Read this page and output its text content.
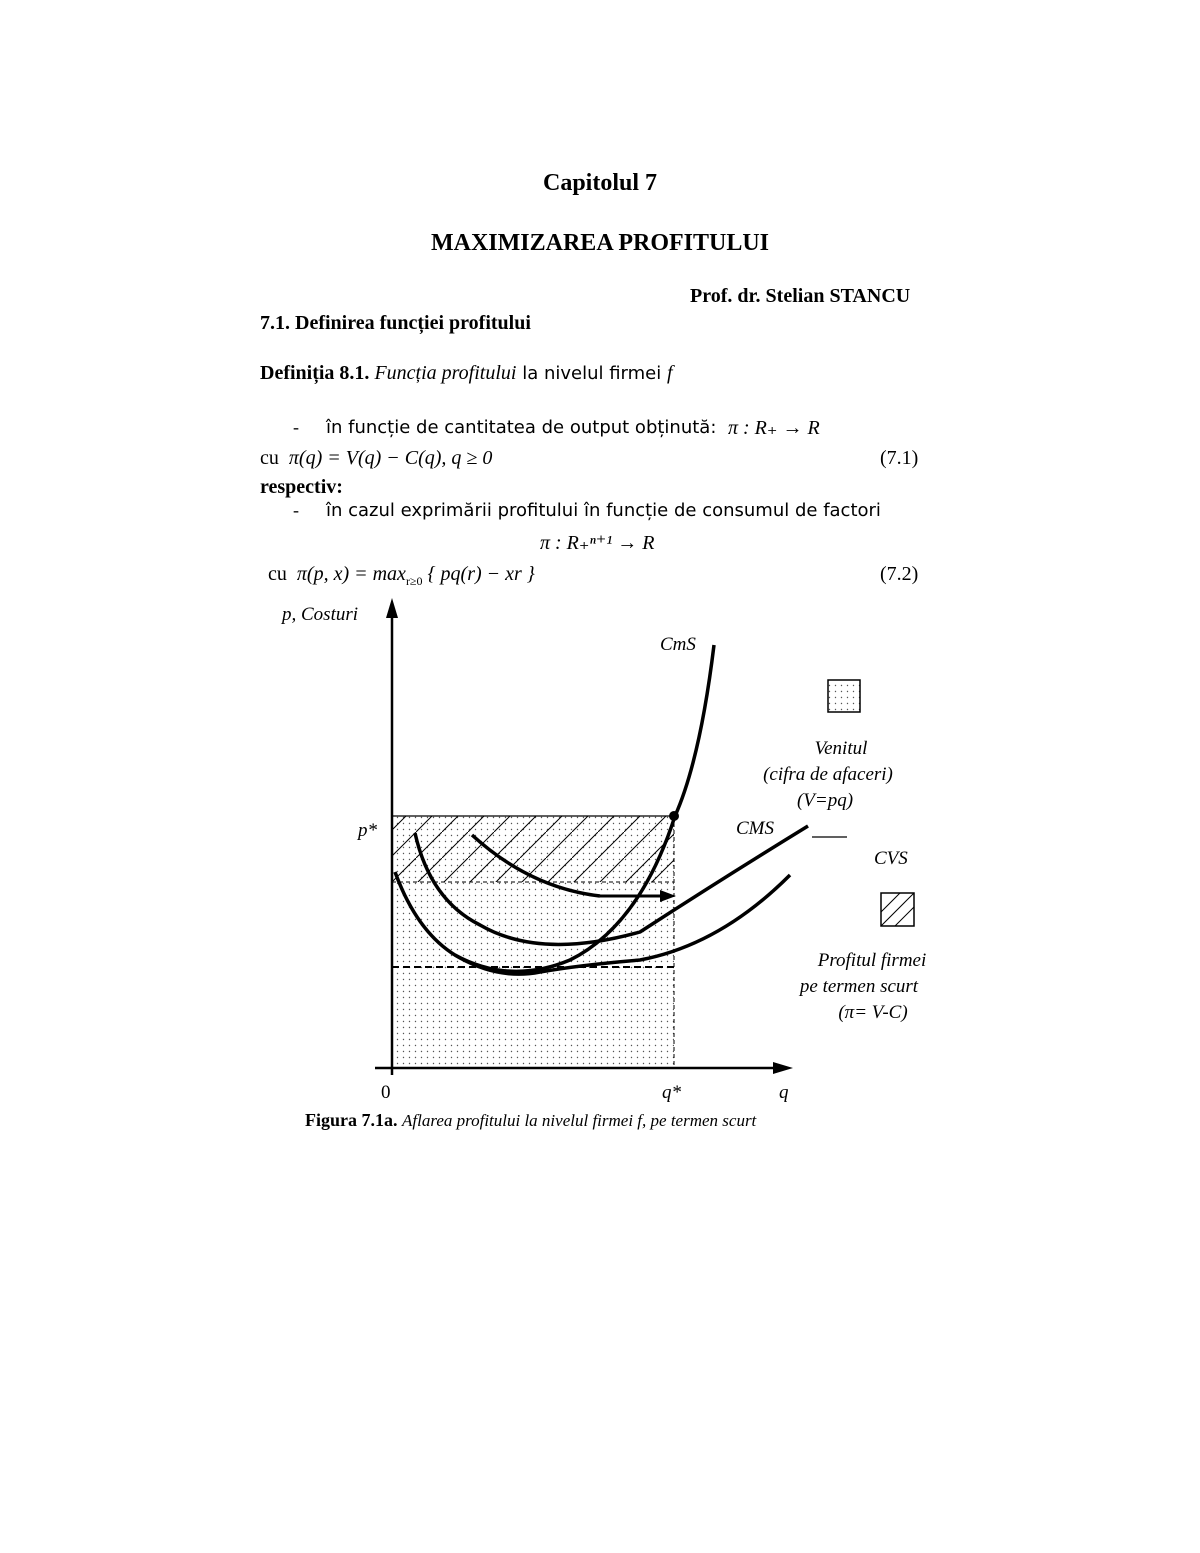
Capitolul 7
MAXIMIZAREA PROFITULUI
Prof. dr. Stelian STANCU
7.1. Definirea funcției profitului
Definiția 8.1. Funcția profitului la nivelul firmei f
- în funcție de cantitatea de output obținută: π : R₊ → R
cu π(q) = V(q) − C(q), q ≥ 0	(7.1)
respectiv:
- în cazul exprimării profitului în funcție de consumul de factori
π : R₊ⁿ⁺¹ → R
cu π(p, $x) = \max_{r\ge 0}$ { pq(r) − xr }	(7.2)
p, Costuri
q
0
p*
q*
CmS
CMS
CVS
Venitul
(cifra de afaceri)
(V=pq)
Profitul firmei
pe termen scurt
(π= V-C)
Figura 7.1a. Aflarea profitului la nivelul firmei f, pe termen scurt
